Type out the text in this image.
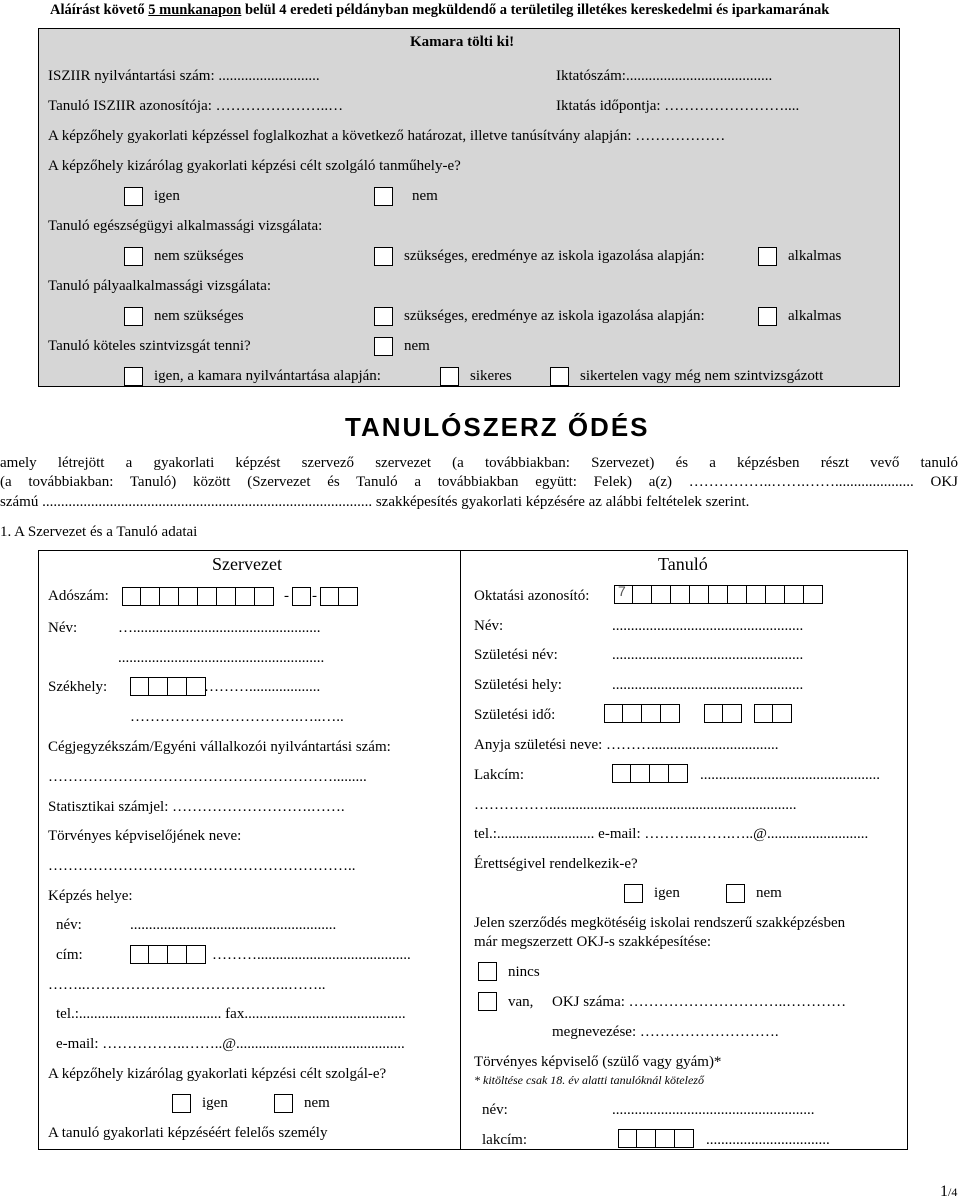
Aláírást követő 5 munkanapon belül 4 eredeti példányban megküldendő a területileg illetékes kereskedelmi és iparkamarának
Kamara tölti ki!
ISZIIR nyilvántartási szám: ...........................	Iktatószám:.......................................
Tanuló ISZIIR azonosítója: …………………..…	Iktatás időpontja: ……………………....
A képzőhely gyakorlati képzéssel foglalkozhat a következő határozat, illetve tanúsítvány alapján: ………………
A képzőhely kizárólag gyakorlati képzési célt szolgáló tanműhely-e?
igen	nem
Tanuló egészségügyi alkalmassági vizsgálata:
nem szükséges	szükséges, eredménye az iskola igazolása alapján:	alkalmas
Tanuló pályaalkalmassági vizsgálata:
nem szükséges	szükséges, eredménye az iskola igazolása alapján:	alkalmas
Tanuló köteles szintvizsgát tenni?	nem
igen, a kamara nyilvántartása alapján:	sikeres	sikertelen vagy még nem szintvizsgázott
TANULÓSZERZ ŐDÉS
amely létrejött a gyakorlati képzést szervező szervezet (a továbbiakban: Szervezet) és a képzésben részt vevő tanuló
(a továbbiakban: Tanuló) között (Szervezet és Tanuló a továbbiakban együtt: Felek) a(z) ……………..…….……..................... OKJ
számú ........................................................................................ szakképesítés gyakorlati képzésére az alábbi feltételek szerint.
1. A Szervezet és a Tanuló adatai
Szervezet
Adószám:	- -
Név:	…..................................................
.......................................................
Székhely:	………...................
…………………………….…..…..
Cégjegyzékszám/Egyéni vállalkozói nyilvántartási szám:
………………………………………………….........
Statisztikai számjel: ……………………….…….
Törvényes képviselőjének neve:
……………………………………………………..
Képzés helye:
név:	.......................................................
cím:	……….........................................
……..…………………………………..……..
tel.:...................................... fax...........................................
e-mail: ……………..……..@.............................................
A képzőhely kizárólag gyakorlati képzési célt szolgál-e?
igen	nem
A tanuló gyakorlati képzéséért felelős személy
Tanuló
Oktatási azonosító: 7
Név:	...................................................
Születési név:	...................................................
Születési hely:	...................................................
Születési idő:
Anyja születési neve: ………..................................
Lakcím:	................................................
……………..................................................................
tel.:.......................... e-mail: ………..…….…..@...........................
Érettségivel rendelkezik-e?
igen	nem
Jelen szerződés megkötéséig iskolai rendszerű szakképzésben
már megszerzett OKJ-s szakképesítése:
nincs
van, OKJ száma: …………………………..…………
megnevezése: ……………………….
Törvényes képviselő (szülő vagy gyám)*
* kitöltése csak 18. év alatti tanulóknál kötelező
név:	......................................................
lakcím:	.................................
1/4
